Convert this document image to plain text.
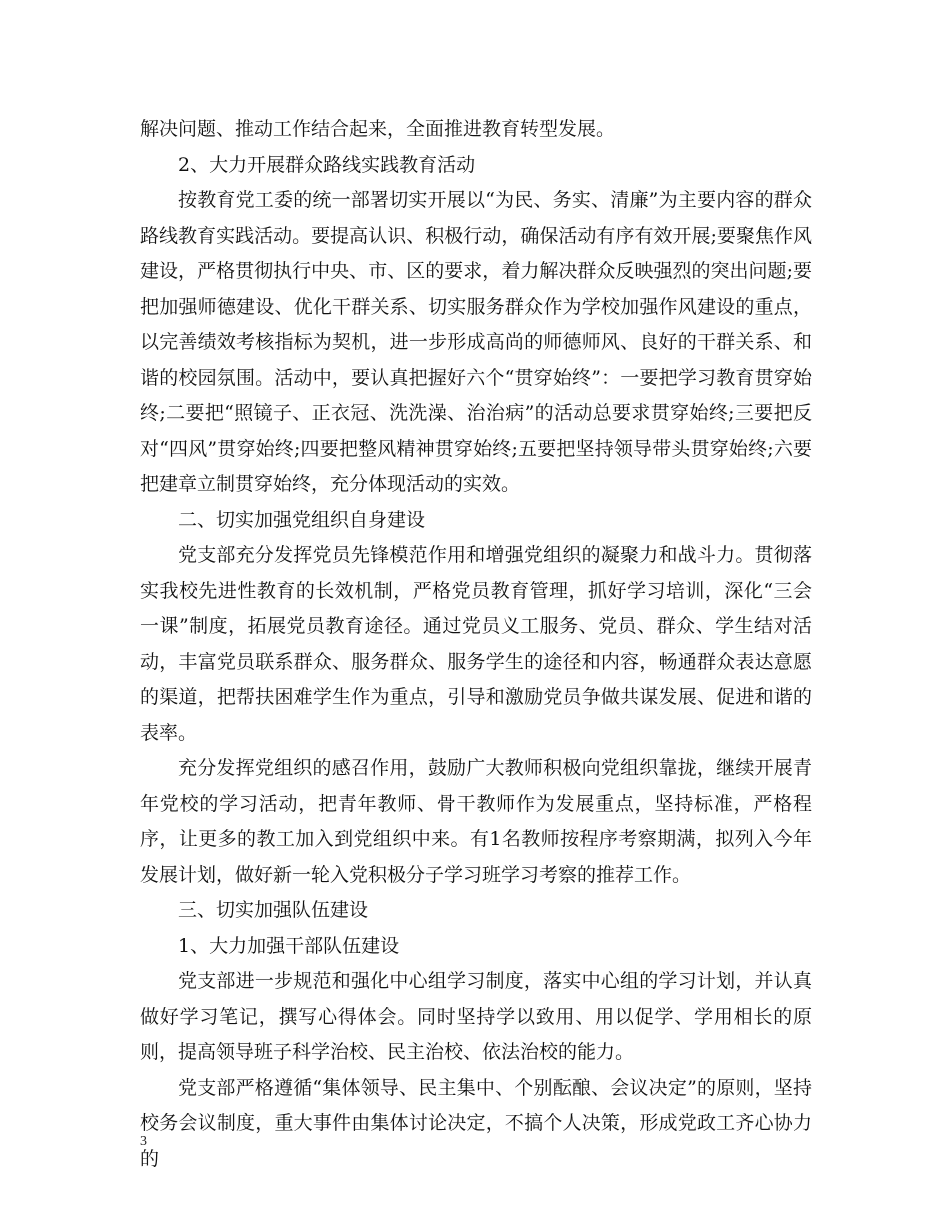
解决问题、推动工作结合起来，全面推进教育转型发展。

2、大力开展群众路线实践教育活动

按教育党工委的统一部署切实开展以“为民、务实、清廉”为主要内容的群众路线教育实践活动。要提高认识、积极行动，确保活动有序有效开展;要聚焦作风建设，严格贯彻执行中央、市、区的要求，着力解决群众反映强烈的突出问题;要把加强师德建设、优化干群关系、切实服务群众作为学校加强作风建设的重点，以完善绩效考核指标为契机，进一步形成高尚的师德师风、良好的干群关系、和谐的校园氛围。活动中，要认真把握好六个“贯穿始终”：一要把学习教育贯穿始终;二要把“照镜子、正衣冠、洗洗澡、治治病”的活动总要求贯穿始终;三要把反对“四风”贯穿始终;四要把整风精神贯穿始终;五要把坚持领导带头贯穿始终;六要把建章立制贯穿始终，充分体现活动的实效。

二、切实加强党组织自身建设

党支部充分发挥党员先锋模范作用和增强党组织的凝聚力和战斗力。贯彻落实我校先进性教育的长效机制，严格党员教育管理，抓好学习培训，深化“三会一课”制度，拓展党员教育途径。通过党员义工服务、党员、群众、学生结对活动，丰富党员联系群众、服务群众、服务学生的途径和内容，畅通群众表达意愿的渠道，把帮扶困难学生作为重点，引导和激励党员争做共谋发展、促进和谐的表率。

充分发挥党组织的感召作用，鼓励广大教师积极向党组织靠拢，继续开展青年党校的学习活动，把青年教师、骨干教师作为发展重点，坚持标准，严格程序，让更多的教工加入到党组织中来。有1名教师按程序考察期满，拟列入今年发展计划，做好新一轮入党积极分子学习班学习考察的推荐工作。

三、切实加强队伍建设

1、大力加强干部队伍建设

党支部进一步规范和强化中心组学习制度，落实中心组的学习计划，并认真做好学习笔记，撰写心得体会。同时坚持学以致用、用以促学、学用相长的原则，提高领导班子科学治校、民主治校、依法治校的能力。

党支部严格遵循“集体领导、民主集中、个别酝酿、会议决定”的原则，坚持校务会议制度，重大事件由集体讨论决定，不搞个人决策，形成党政工齐心协力的

3
